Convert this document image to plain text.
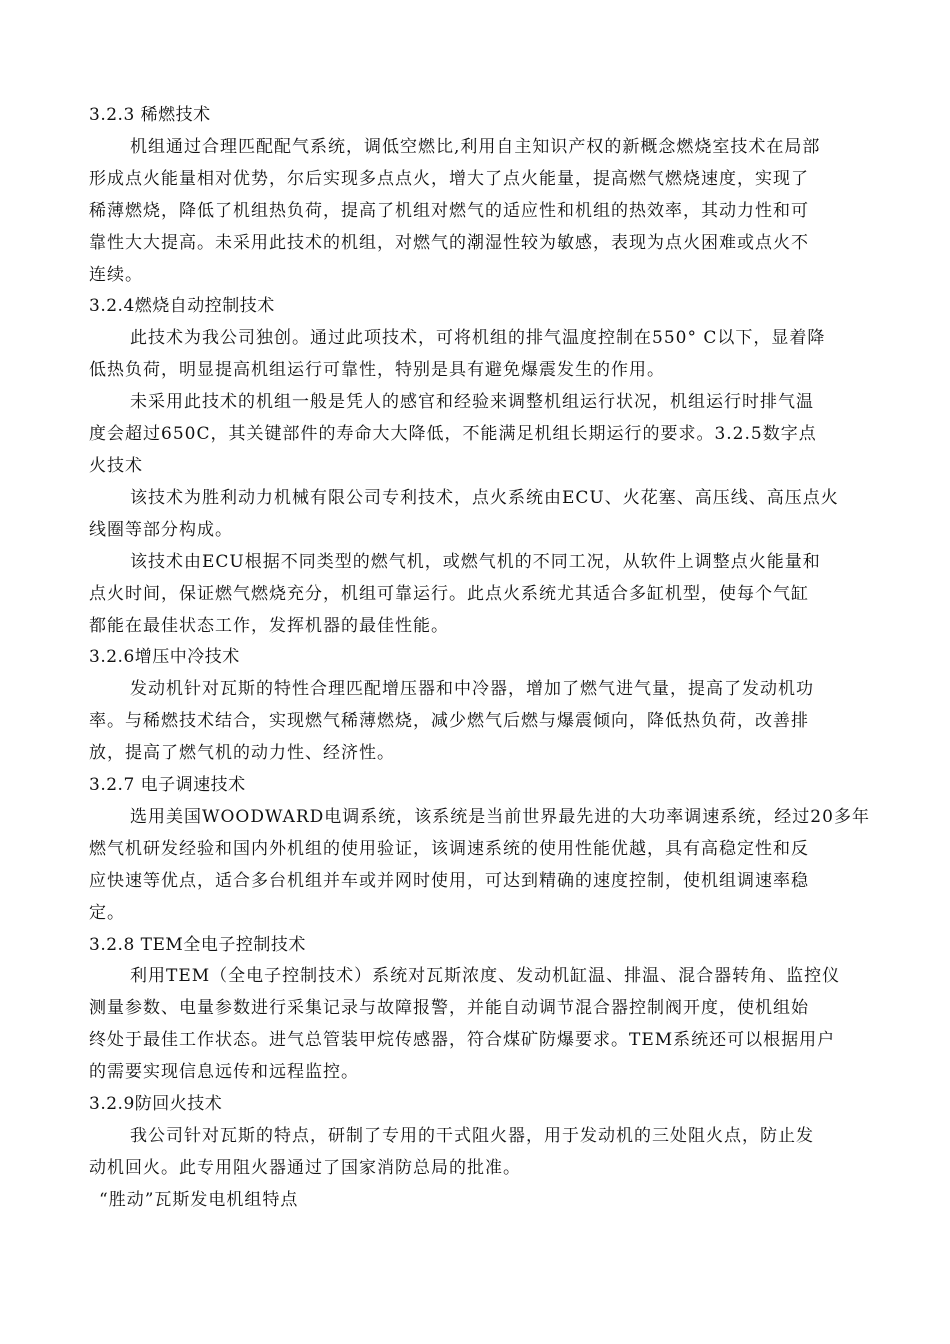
3.2.3 稀燃技术
机组通过合理匹配配气系统，调低空燃比,利用自主知识产权的新概念燃烧室技术在局部
形成点火能量相对优势，尔后实现多点点火，增大了点火能量，提高燃气燃烧速度，实现了
稀薄燃烧，降低了机组热负荷，提高了机组对燃气的适应性和机组的热效率，其动力性和可
靠性大大提高。未采用此技术的机组，对燃气的潮湿性较为敏感，表现为点火困难或点火不
连续。
3.2.4燃烧自动控制技术
此技术为我公司独创。通过此项技术，可将机组的排气温度控制在550° C以下，显着降
低热负荷，明显提高机组运行可靠性，特别是具有避免爆震发生的作用。
未采用此技术的机组一般是凭人的感官和经验来调整机组运行状况，机组运行时排气温
度会超过650C，其关键部件的寿命大大降低，不能满足机组长期运行的要求。3.2.5数字点
火技术
该技术为胜利动力机械有限公司专利技术，点火系统由ECU、火花塞、高压线、高压点火
线圈等部分构成。
该技术由ECU根据不同类型的燃气机，或燃气机的不同工况，从软件上调整点火能量和
点火时间，保证燃气燃烧充分，机组可靠运行。此点火系统尤其适合多缸机型，使每个气缸
都能在最佳状态工作，发挥机器的最佳性能。
3.2.6增压中冷技术
发动机针对瓦斯的特性合理匹配增压器和中冷器，增加了燃气进气量，提高了发动机功
率。与稀燃技术结合，实现燃气稀薄燃烧，减少燃气后燃与爆震倾向，降低热负荷，改善排
放，提高了燃气机的动力性、经济性。
3.2.7 电子调速技术
选用美国WOODWARD电调系统，该系统是当前世界最先进的大功率调速系统，经过20多年
燃气机研发经验和国内外机组的使用验证，该调速系统的使用性能优越，具有高稳定性和反
应快速等优点，适合多台机组并车或并网时使用，可达到精确的速度控制，使机组调速率稳
定。
3.2.8 TEM全电子控制技术
利用TEM（全电子控制技术）系统对瓦斯浓度、发动机缸温、排温、混合器转角、监控仪
测量参数、电量参数进行采集记录与故障报警，并能自动调节混合器控制阀开度，使机组始
终处于最佳工作状态。进气总管装甲烷传感器，符合煤矿防爆要求。TEM系统还可以根据用户
的需要实现信息远传和远程监控。
3.2.9防回火技术
我公司针对瓦斯的特点，研制了专用的干式阻火器，用于发动机的三处阻火点，防止发
动机回火。此专用阻火器通过了国家消防总局的批准。
“胜动”瓦斯发电机组特点
